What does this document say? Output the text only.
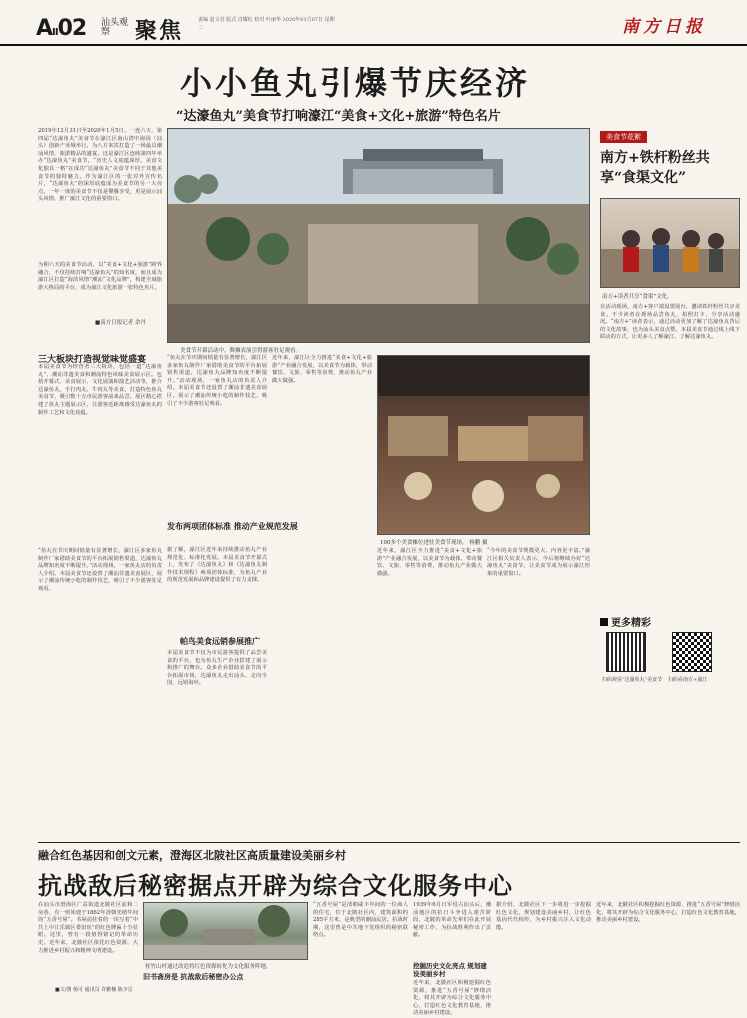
AⅡ02 汕头观察	聚焦	责编 赵文君 版式 肖耀红 校对 叶丽华 2020年01月07日 星期二	南方日报
小小鱼丸引爆节庆经济
“达濠鱼丸”美食节打响濠江“美食+文化+旅游”特色名片
2019年12月31日至2020年1月5日，一连六天，第四届“达濠鱼丸”美食节在濠江区南山湾中海园（汕头）创新产业城举行，为八方来宾打造了一场最具潮汕风情、旅游精品的盛宴。这是濠江区连续第四年举办“达濠鱼丸”美食节。“历史人文底蕴深厚，美食文化独具一格”在成功“达濠鱼丸”美食节不同于其他美食节的独特魅力。作为濠江区的一张对外宣传名片，“达濠鱼丸”的深厚底蕴成为美食节的另一大亮点，一年一度的美食节不仅是饕餮享受，更是展示汕头风情、推广濠江文化的重要窗口。
为期六天的美食节活动，以“美食+文化+旅游”跨界融合，不仅持续打响“达濠鱼丸”的知名度，而且成为濠江区打造“海滨风情”潮汕“文化品牌”，构建全域旅游大格局的平台，成为濠江文化旅游一张特色名片。
■南方日报记者 余丹
美食节开幕活动中，舞狮表演引得游客驻足观看。
三大板块打造视觉味觉盛宴
本届美食节为经营者三大板块，包括一道“达濠鱼丸”、潮汕非遗美食和潮汕特色风味美食展示区。包括开幕式、美食展示、文化展演和演艺活动等，推介达濠鱼丸、手打肉丸、牛肉丸等美食，打造特色鱼丸美食节，吸引数十万市民游客前来品尝。展区精心搭建了鱼丸主题展示区，让游客近距离感受达濠鱼丸的制作工艺和文化底蕴。
“鱼丸在节庆期间销量有显著增长，濠江区多家鱼丸制作厂家借助美食节的平台拓展销售渠道，达濠鱼丸品牌知名度不断提升。”活动现场，一家鱼丸店的负责人介绍。本届美食节还设置了潮汕非遗美食展区，展示了潮汕传统小吃的制作技艺，吸引了不少游客驻足观看。
“鱼丸在节庆期间销量有显著增长，濠江区多家鱼丸制作厂家借助美食节的平台拓展销售渠道，达濠鱼丸品牌知名度不断提升。”活动现场，一家鱼丸店的负责人介绍。本届美食节还设置了潮汕非遗美食展区，展示了潮汕传统小吃的制作技艺，吸引了不少游客驻足观看。
发布两项团体标准 推动产业规范发展
据了解，濠江区近年来持续推动鱼丸产业规范化、标准化发展。本届美食节开幕式上，发布了《达濠鱼丸》和《达濠鱼丸制作技术规程》两项团体标准，为鱼丸产业的规范发展和品牌建设提供了有力支撑。
帕鸟美食远销参展推广
本届美食节不仅为市民游客提供了品尝美食的平台，也为鱼丸生产企业搭建了展示和推广的舞台。众多企业借助美食节的平台拓展市场，达濠鱼丸走出汕头、走向全国，远销海外。
近年来，濠江区全力推进“美食+文化+旅游”产业融合发展，以美食节为载体，带动餐饮、文旅、零售等消费，推动鱼丸产业做大做强。
100多个美食摊位进驻美食节现场。 杨鹏 摄
近年来，濠江区全力推进“美食+文化+旅游”产业融合发展，以美食节为载体，带动餐饮、文旅、零售等消费，推动鱼丸产业做大做强。
“今年的美食节规模更大、内容更丰富。”濠江区相关负责人表示，今后将继续办好“达濠鱼丸”美食节，让美食节成为展示濠江形象的重要窗口。
美食节花絮
南方+铁杆粉丝共享“食渠文化”
南方+读者共享“食渠”文化。
在活动现场，南方+客户端设置展台，邀请铁杆粉丝共享美食。不少读者在现场品尝鱼丸，拍照打卡，分享活动盛况。“南方+”读者表示，通过活动更加了解了达濠鱼丸背后的文化故事，也为汕头美食点赞。本届美食节通过线上线下联动的方式，让更多人了解濠江、了解达濠鱼丸。
更多精彩
扫码观看“达濠鱼丸”美食节	扫码看南方+濠江
融合红色基因和创文元素，澄海区北陂社区高质量建设美丽乡村
抗战敌后秘密据点开辟为综合文化服务中心
在汕头市澄海区广益街道北陂社区前和二房巷，有一座始建于1862年清朝光绪年间的“五香号屋”。书屋前挂着的一块写着“中共上中江乐镇区委旧址”的红色牌匾十分显眼。这里，曾有一段值得铭记的革命历史。近年来，北陂社区依托红色资源，大力推进乡村振兴和精神文明建设。
■文/图 杨可 通讯员 许雅楠 陈少岳
桂竹山村通过改造将红色资源转化为文化服务阵地。
旧书斋房是 抗战敌后秘密办公点
“五香号屋”是清朝咸丰年间的一位商人的住宅，位于北陂社区内，建筑面积约285平方米，是典型的潮汕民居。抗战时期，这里曾是中共地下党组织的秘密联络点。
1939年6月日军侵占汕头后，潮汕地区的抗日斗争进入艰苦阶段，北陂的革命先辈们在此开展秘密工作，为抗战胜利作出了贡献。
挖掘历史文化亮点 规划建设美丽乡村
近年来，北陂社区积极挖掘红色资源，推进“五香号屋”修缮活化，将其开辟为综合文化服务中心，打造红色文化教育基地，推动美丽乡村建设。
据介绍，北陂社区下一步将进一步挖掘红色文化，规划建设美丽乡村，让红色基因代代相传，为乡村振兴注入文化动能。
近年来，北陂社区积极挖掘红色资源，推进“五香号屋”修缮活化，将其开辟为综合文化服务中心，打造红色文化教育基地，推动美丽乡村建设。
